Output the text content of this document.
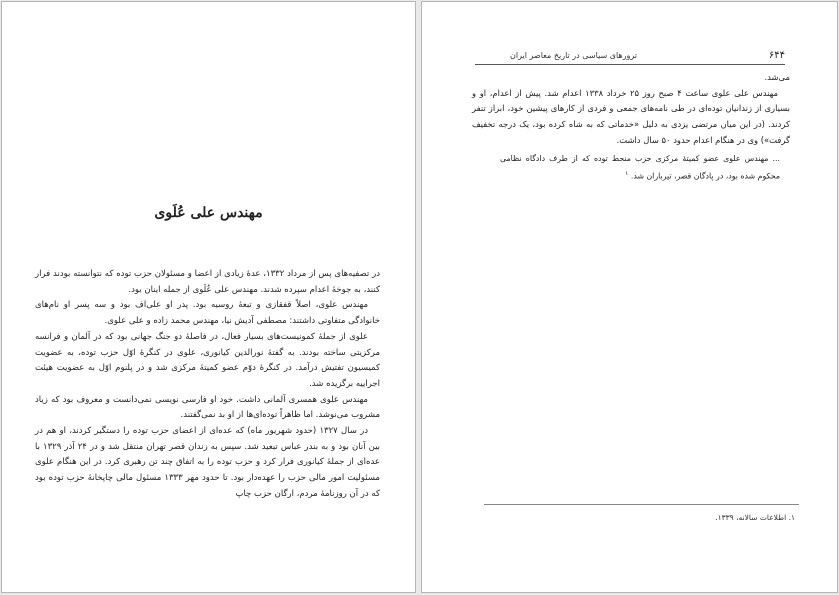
مهندس علی عُلَوی

در تصفیه‌های پس از مرداد ۱۳۳۲، عدهٔ زیادی از اعضا و مسئولان حزب توده که نتوانسته بودند فرار کنند، به جوخهٔ اعدام سپرده شدند. مهندس علی عُلَوی از جمله اینان بود.

مهندس علوی، اصلاً قفقازی و تبعهٔ روسیه بود. پدر او علی‌اف بود و سه پسر او نام‌های خانوادگی متفاوتی داشتند: مصطفی آدیش نیا، مهندس محمد زاده و علی علوی.

علوی از جملهٔ کمونیست‌های بسیار فعال، در فاصلهٔ دو جنگ جهانی بود که در آلمان و فرانسه مرکزیتی ساخته بودند. به گفتهٔ نورالدین کیانوری، علوی در کنگرهٔ اوّل حزب توده، به عضویت کمیسیون تفتیش درآمد. در کنگرهٔ دوّم عضو کمیتهٔ مرکزی شد و در پلنوم اوّل به عضویت هیئت اجراییه برگزیده شد.

مهندس علوی همسری آلمانی داشت. خود او فارسی نویسی نمی‌دانست و معروف بود که زیاد مشروب می‌نوشد. اما ظاهراً توده‌ای‌ها از او بد نمی‌گفتند.

در سال ۱۳۲۷ (حدود شهریور ماه) که عده‌ای از اعضای حزب توده را دستگیر کردند، او هم در بین آنان بود و به بندر عباس تبعید شد. سپس به زندان قصر تهران منتقل شد و در ۲۴ آذر ۱۳۲۹ با عده‌ای از جملهٔ کیانوری فرار کرد و حزب توده را به اتفاق چند تن رهبری کرد. در این هنگام علوی مسئولیت امور مالی حزب را عهده‌دار بود. تا حدود مهر ۱۳۳۳ مسئول مالی چاپخانهٔ حزب توده بود که در آن روزنامهٔ مردم، ارگان حزب چاپ

۶۴۴
ترورهای سیاسی در تاریخ معاصر ایران

می‌شد.

مهندس علی علوی ساعت ۴ صبح روز ۲۵ خرداد ۱۳۳۸ اعدام شد. پیش از اعدام، او و بسیاری از زندانیان توده‌ای در طی نامه‌های جمعی و فردی از کارهای پیشین خود، ابراز تنفر کردند. (در این میان مرتضی یزدی به دلیل «خدماتی که به شاه کرده بود، یک درجه تخفیف گرفت») وی در هنگام اعدام حدود ۵۰ سال داشت.

... مهندس علوی عضو کمیتهٔ مرکزی حزب منحط توده که از طرف دادگاه نظامی محکوم شده بود، در پادگان قصر، تیرباران شد. $^۱$

۱. اطلاعات سالانه، ۱۳۳۹.
